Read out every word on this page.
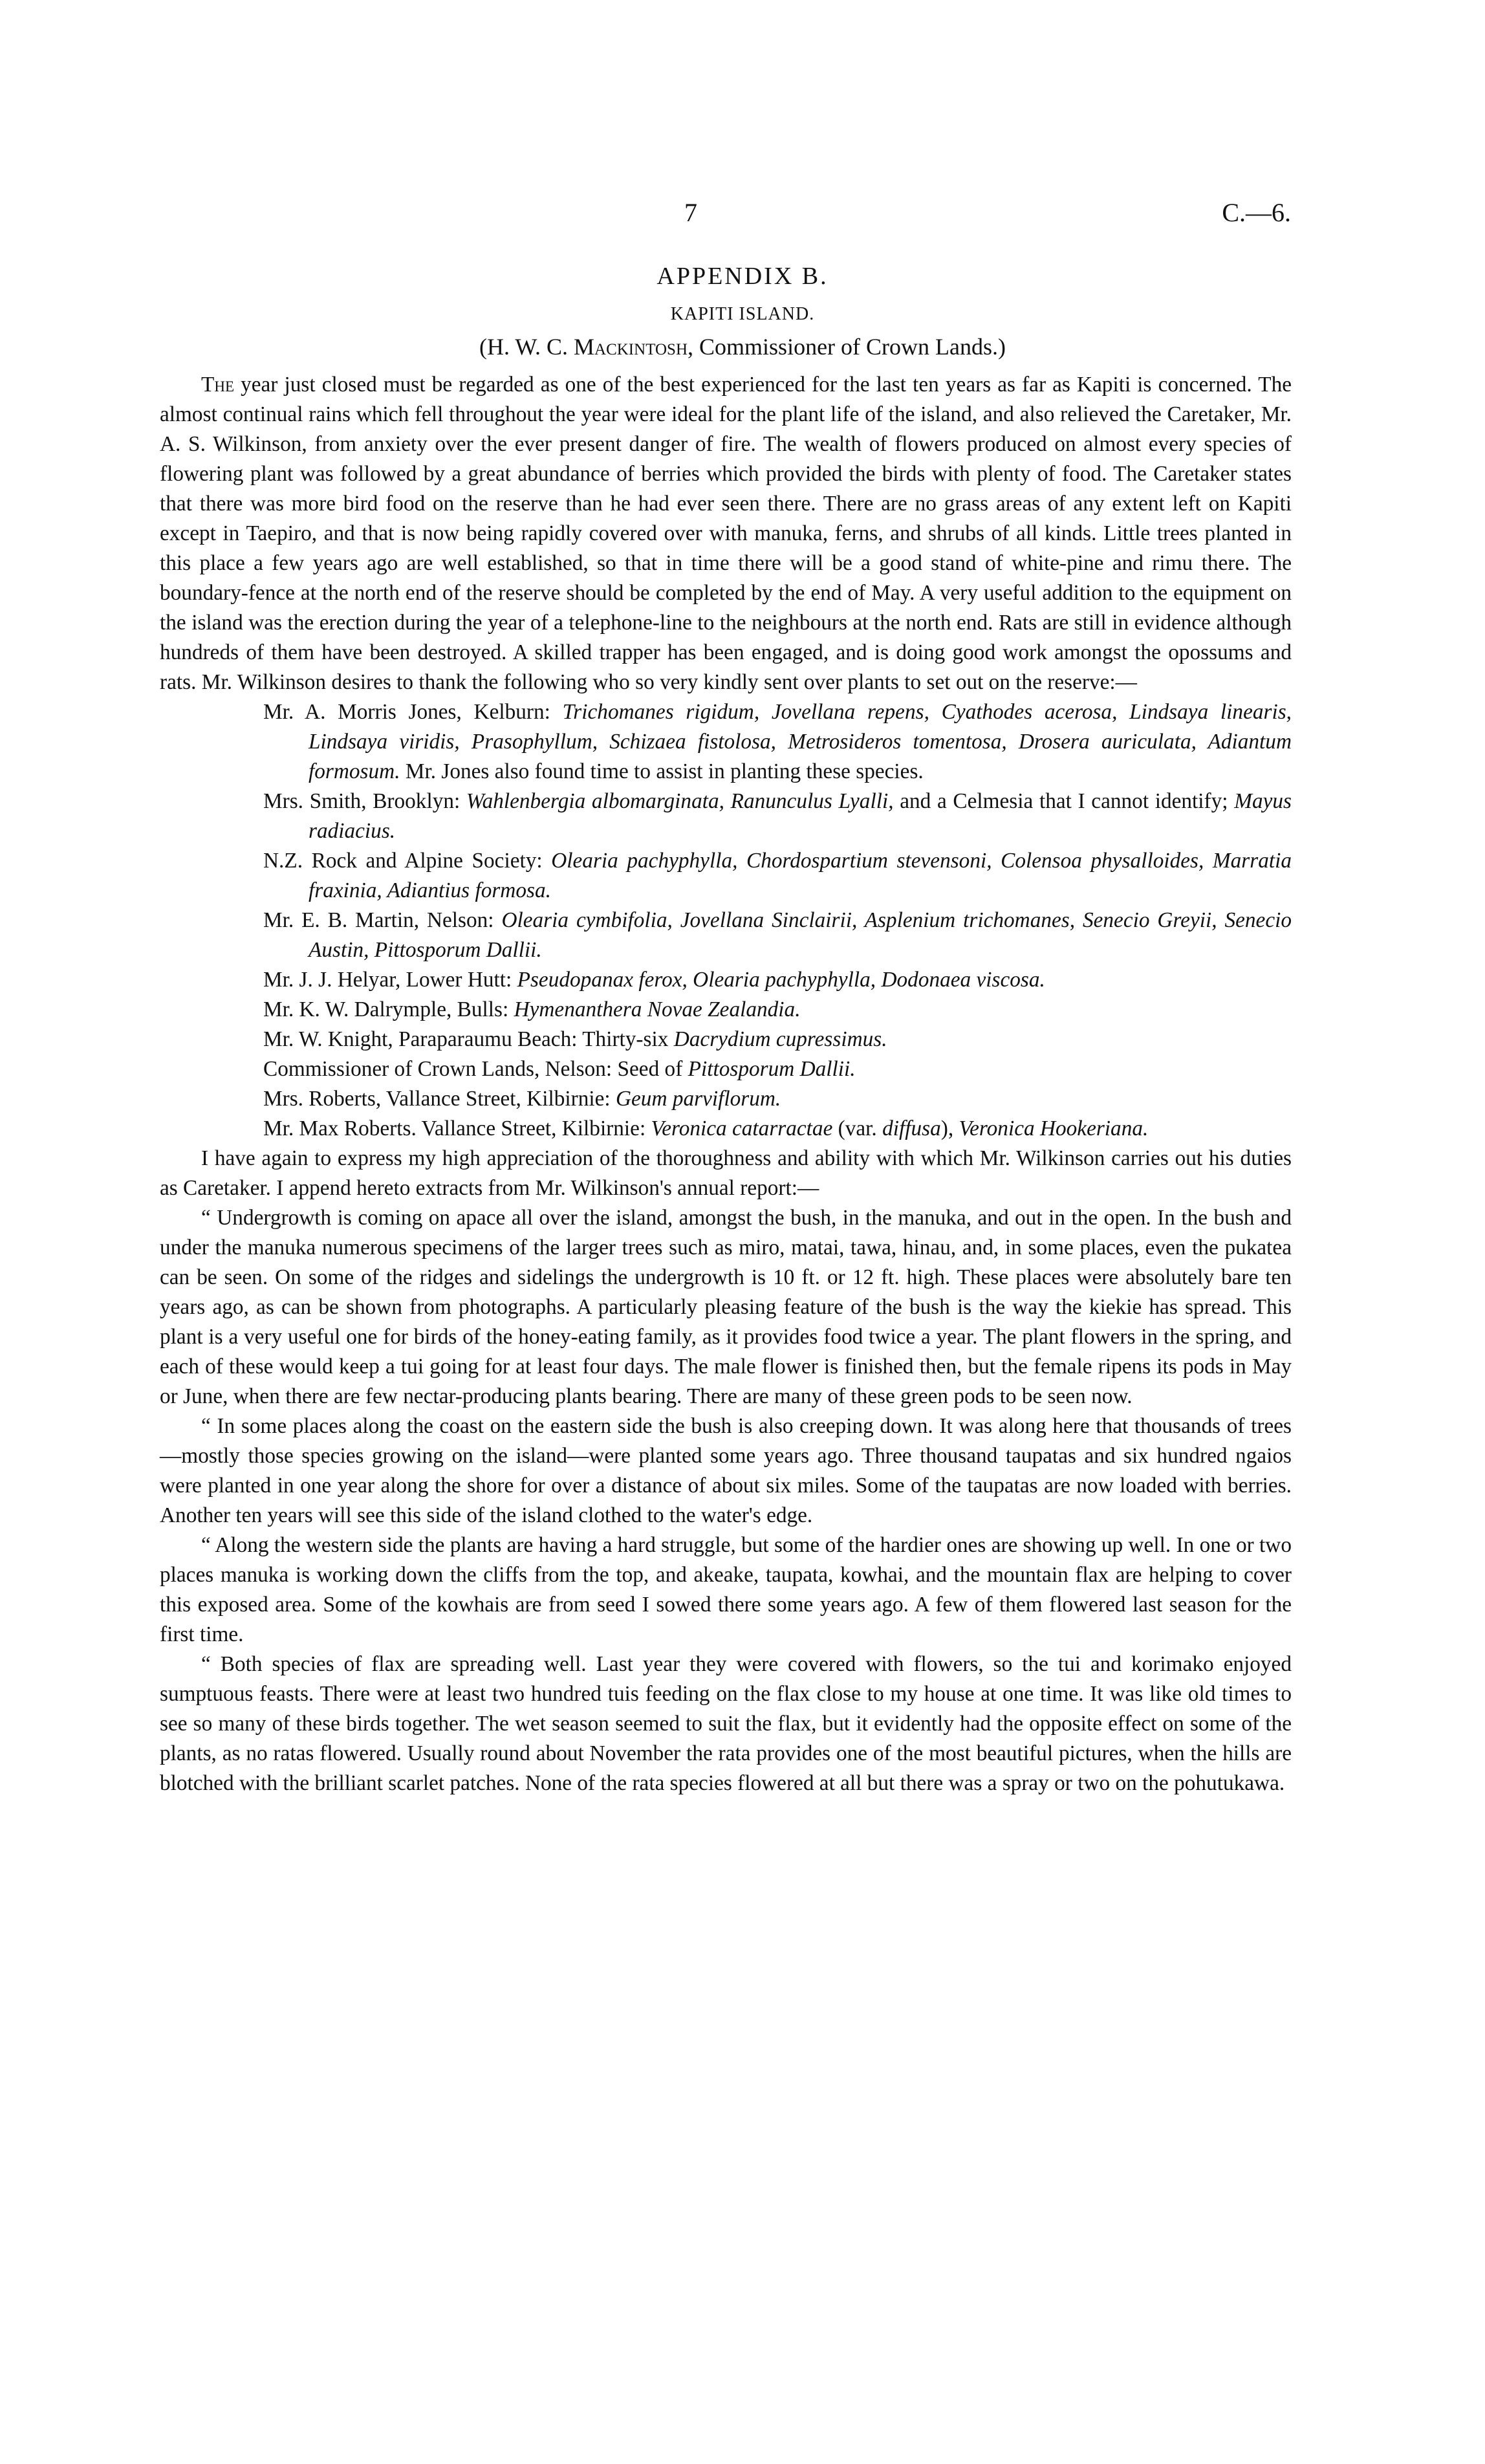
7	C.—6.
APPENDIX B.
KAPITI ISLAND.
(H. W. C. Mackintosh, Commissioner of Crown Lands.)

The year just closed must be regarded as one of the best experienced for the last ten years as far as Kapiti is concerned. The almost continual rains which fell throughout the year were ideal for the plant life of the island, and also relieved the Caretaker, Mr. A. S. Wilkinson, from anxiety over the ever present danger of fire. The wealth of flowers produced on almost every species of flowering plant was followed by a great abundance of berries which provided the birds with plenty of food. The Caretaker states that there was more bird food on the reserve than he had ever seen there. There are no grass areas of any extent left on Kapiti except in Taepiro, and that is now being rapidly covered over with manuka, ferns, and shrubs of all kinds. Little trees planted in this place a few years ago are well established, so that in time there will be a good stand of white-pine and rimu there. The boundary-fence at the north end of the reserve should be completed by the end of May. A very useful addition to the equipment on the island was the erection during the year of a telephone-line to the neighbours at the north end. Rats are still in evidence although hundreds of them have been destroyed. A skilled trapper has been engaged, and is doing good work amongst the opossums and rats. Mr. Wilkinson desires to thank the following who so very kindly sent over plants to set out on the reserve:—

Mr. A. Morris Jones, Kelburn: Trichomanes rigidum, Jovellana repens, Cyathodes acerosa, Lindsaya linearis, Lindsaya viridis, Prasophyllum, Schizaea fistolosa, Metrosideros tomentosa, Drosera auriculata, Adiantum formosum. Mr. Jones also found time to assist in planting these species.
Mrs. Smith, Brooklyn: Wahlenbergia albomarginata, Ranunculus Lyalli, and a Celmesia that I cannot identify; Mayus radiacius.
N.Z. Rock and Alpine Society: Olearia pachyphylla, Chordospartium stevensoni, Colensoa physalloides, Marratia fraxinia, Adiantius formosa.
Mr. E. B. Martin, Nelson: Olearia cymbifolia, Jovellana Sinclairii, Asplenium trichomanes, Senecio Greyii, Senecio Austin, Pittosporum Dallii.
Mr. J. J. Helyar, Lower Hutt: Pseudopanax ferox, Olearia pachyphylla, Dodonaea viscosa.
Mr. K. W. Dalrymple, Bulls: Hymenanthera Novae Zealandia.
Mr. W. Knight, Paraparaumu Beach: Thirty-six Dacrydium cupressimus.
Commissioner of Crown Lands, Nelson: Seed of Pittosporum Dallii.
Mrs. Roberts, Vallance Street, Kilbirnie: Geum parviflorum.
Mr. Max Roberts. Vallance Street, Kilbirnie: Veronica catarractae (var. diffusa), Veronica Hookeriana.

I have again to express my high appreciation of the thoroughness and ability with which Mr. Wilkinson carries out his duties as Caretaker. I append hereto extracts from Mr. Wilkinson's annual report:—

“ Undergrowth is coming on apace all over the island, amongst the bush, in the manuka, and out in the open. In the bush and under the manuka numerous specimens of the larger trees such as miro, matai, tawa, hinau, and, in some places, even the pukatea can be seen. On some of the ridges and sidelings the undergrowth is 10 ft. or 12 ft. high. These places were absolutely bare ten years ago, as can be shown from photographs. A particularly pleasing feature of the bush is the way the kiekie has spread. This plant is a very useful one for birds of the honey-eating family, as it provides food twice a year. The plant flowers in the spring, and each of these would keep a tui going for at least four days. The male flower is finished then, but the female ripens its pods in May or June, when there are few nectar-producing plants bearing. There are many of these green pods to be seen now.

“ In some places along the coast on the eastern side the bush is also creeping down. It was along here that thousands of trees—mostly those species growing on the island—were planted some years ago. Three thousand taupatas and six hundred ngaios were planted in one year along the shore for over a distance of about six miles. Some of the taupatas are now loaded with berries. Another ten years will see this side of the island clothed to the water's edge.

“ Along the western side the plants are having a hard struggle, but some of the hardier ones are showing up well. In one or two places manuka is working down the cliffs from the top, and akeake, taupata, kowhai, and the mountain flax are helping to cover this exposed area. Some of the kowhais are from seed I sowed there some years ago. A few of them flowered last season for the first time.

“ Both species of flax are spreading well. Last year they were covered with flowers, so the tui and korimako enjoyed sumptuous feasts. There were at least two hundred tuis feeding on the flax close to my house at one time. It was like old times to see so many of these birds together. The wet season seemed to suit the flax, but it evidently had the opposite effect on some of the plants, as no ratas flowered. Usually round about November the rata provides one of the most beautiful pictures, when the hills are blotched with the brilliant scarlet patches. None of the rata species flowered at all but there was a spray or two on the pohutukawa.
